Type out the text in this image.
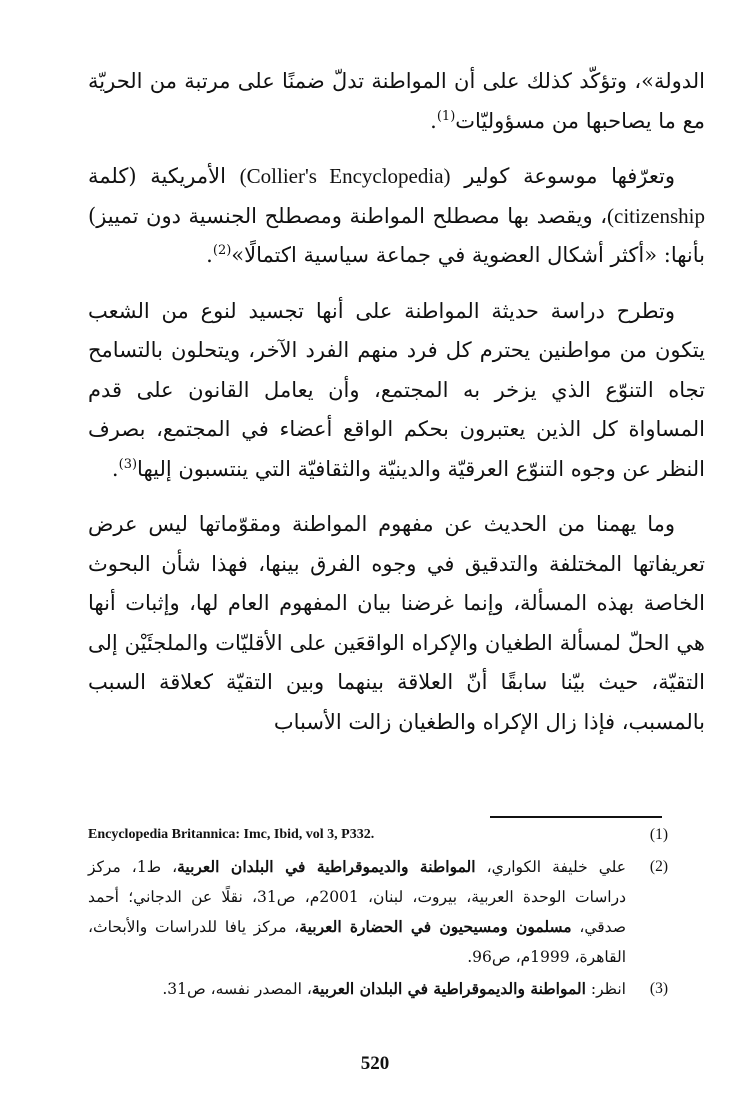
الدولة»، وتؤكّد كذلك على أن المواطنة تدلّ ضمنًا على مرتبة من الحريّة مع ما يصاحبها من مسؤوليّات$^{(1)}$.

وتعرّفها موسوعة كولير (Collier's Encyclopedia) الأمريكية (كلمة (citizenship، ويقصد بها مصطلح المواطنة ومصطلح الجنسية دون تمييز) بأنها: «أكثر أشكال العضوية في جماعة سياسية اكتمالًا»$^{(2)}$.

وتطرح دراسة حديثة المواطنة على أنها تجسيد لنوع من الشعب يتكون من مواطنين يحترم كل فرد منهم الفرد الآخر، ويتحلون بالتسامح تجاه التنوّع الذي يزخر به المجتمع، وأن يعامل القانون على قدم المساواة كل الذين يعتبرون بحكم الواقع أعضاء في المجتمع، بصرف النظر عن وجوه التنوّع العرقيّة والدينيّة والثقافيّة التي ينتسبون إليها$^{(3)}$.

وما يهمنا من الحديث عن مفهوم المواطنة ومقوّماتها ليس عرض تعريفاتها المختلفة والتدقيق في وجوه الفرق بينها، فهذا شأن البحوث الخاصة بهذه المسألة، وإنما غرضنا بيان المفهوم العام لها، وإثبات أنها هي الحلّ لمسألة الطغيان والإكراه الواقعَين على الأقليّات والملجئَيْن إلى التقيّة، حيث بيّنا سابقًا أنّ العلاقة بينهما وبين التقيّة كعلاقة السبب بالمسبب، فإذا زال الإكراه والطغيان زالت الأسباب

(1)
Encyclopedia Britannica: Imc, Ibid, vol 3, P332.
(2)
علي خليفة الكواري، المواطنة والديموقراطية في البلدان العربية، ط1، مركز دراسات الوحدة العربية، بيروت، لبنان، 2001م، ص31، نقلًا عن الدجاني؛ أحمد صدقي، مسلمون ومسيحيون في الحضارة العربية، مركز يافا للدراسات والأبحاث، القاهرة، 1999م، ص96.
(3)
انظر: المواطنة والديموقراطية في البلدان العربية، المصدر نفسه، ص31.
520
